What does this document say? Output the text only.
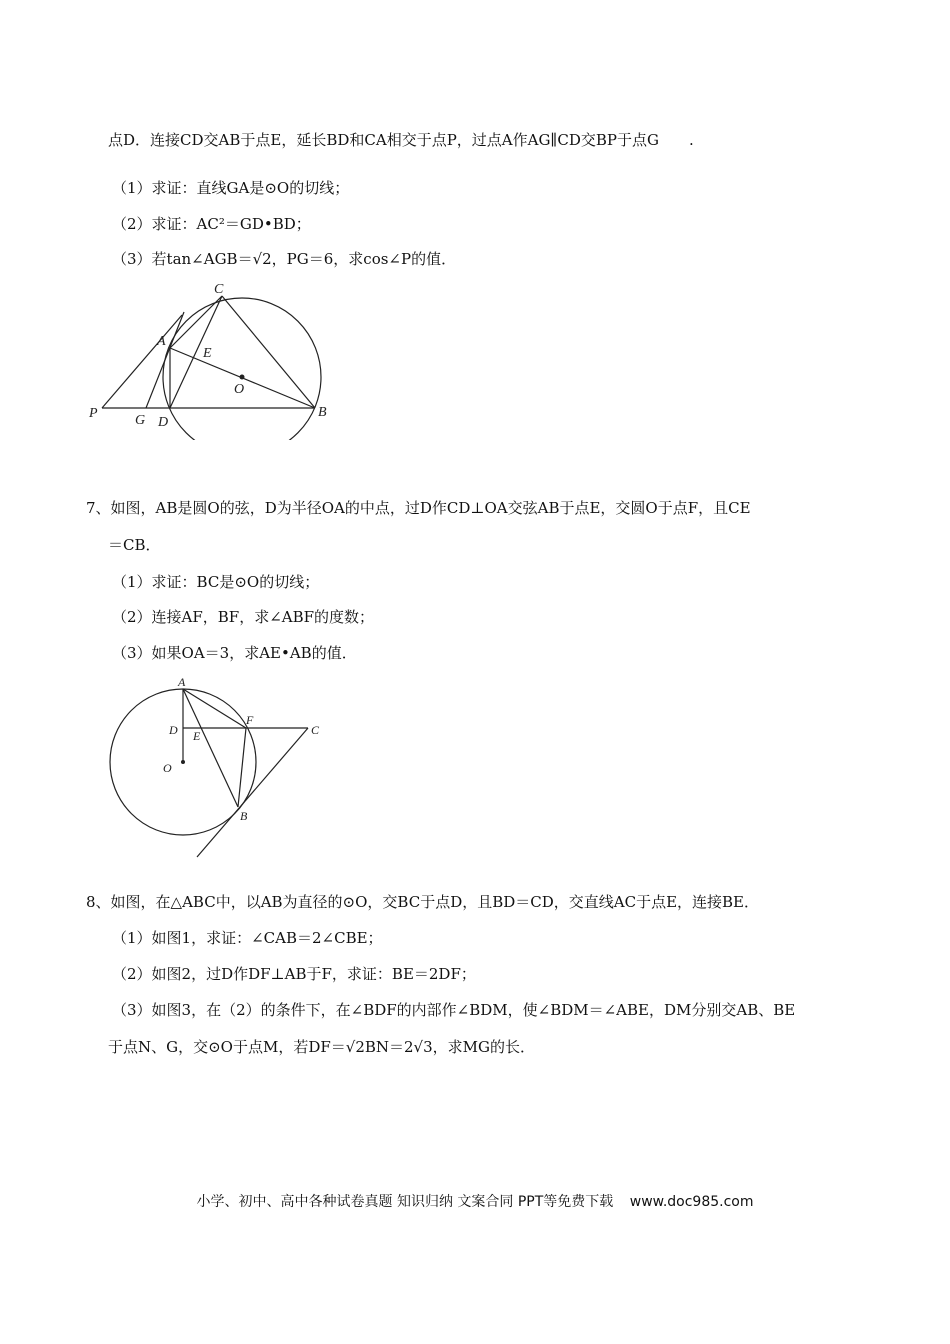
点D．连接CD交AB于点E，延长BD和CA相交于点P，过点A作AG∥CD交BP于点G　　.
（1）求证：直线GA是⊙O的切线；
（2）求证：AC²＝GD•BD；
（3）若tan∠AGB＝√2，PG＝6，求cos∠P的值．
C
A
E
O
P	G D
B
7、如图，AB是圆O的弦，D为半径OA的中点，过D作CD⊥OA交弦AB于点E，交圆O于点F，且CE
＝CB．
（1）求证：BC是⊙O的切线；
（2）连接AF，BF，求∠ABF的度数；
（3）如果OA＝3，求AE•AB的值．
A
D E
F
C
O
B
8、如图，在△ABC中，以AB为直径的⊙O，交BC于点D，且BD＝CD，交直线AC于点E，连接BE．
（1）如图1，求证：∠CAB＝2∠CBE；
（2）如图2，过D作DF⊥AB于F，求证：BE＝2DF；
（3）如图3，在（2）的条件下，在∠BDF的内部作∠BDM，使∠BDM＝∠ABE，DM分别交AB、BE
于点N、G，交⊙O于点M，若DF＝√2BN＝2√3，求MG的长．
小学、初中、高中各种试卷真题 知识归纳 文案合同 PPT等免费下载 www.doc985.com
